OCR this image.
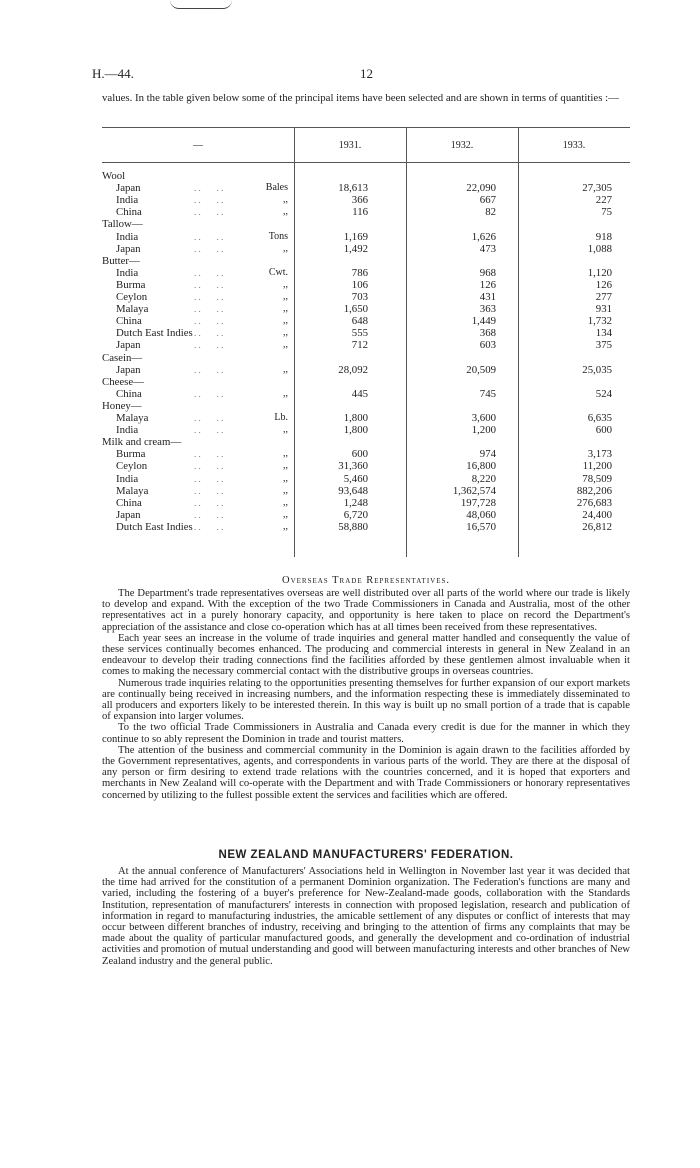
H.—44.	12
values. In the table given below some of the principal items have been selected and are shown in terms of quantities :—
—	1931.	1932.	1933.
Wool
Japan	. .       . .	Bales	18,613	22,090	27,305
India	. .       . .	,,	366	667	227
China	. .       . .	,,	116	82	75
Tallow—
India	. .       . .	Tons	1,169	1,626	918
Japan	. .       . .	,,	1,492	473	1,088
Butter—
India	. .       . .	Cwt.	786	968	1,120
Burma	. .       . .	,,	106	126	126
Ceylon	. .       . .	,,	703	431	277
Malaya	. .       . .	,,	1,650	363	931
China	. .       . .	,,	648	1,449	1,732
Dutch East Indies . .       . .	,,	555	368	134
Japan	. .       . .	,,	712	603	375
Casein—
Japan	. .       . .	,,	28,092	20,509	25,035
Cheese—
China	. .       . .	,,	445	745	524
Honey—
Malaya	. .       . .	Lb.	1,800	3,600	6,635
India	. .       . .	,,	1,800	1,200	600
Milk and cream—
Burma	. .       . .	,,	600	974	3,173
Ceylon	. .       . .	,,	31,360	16,800	11,200
India	. .       . .	,,	5,460	8,220	78,509
Malaya	. .       . .	,,	93,648	1,362,574	882,206
China	. .       . .	,,	1,248	197,728	276,683
Japan	. .       . .	,,	6,720	48,060	24,400
Dutch East Indies . .       . .	,,	58,880	16,570	26,812
Overseas Trade Representatives.

The Department's trade representatives overseas are well distributed over all parts of the world where our trade is likely to develop and expand. With the exception of the two Trade Commissioners in Canada and Australia, most of the other representatives act in a purely honorary capacity, and opportunity is here taken to place on record the Department's appreciation of the assistance and close co-operation which has at all times been received from these representatives.

Each year sees an increase in the volume of trade inquiries and general matter handled and consequently the value of these services continually becomes enhanced. The producing and commercial interests in general in New Zealand in an endeavour to develop their trading connections find the facilities afforded by these gentlemen almost invaluable when it comes to making the necessary commercial contact with the distributive groups in overseas countries.

Numerous trade inquiries relating to the opportunities presenting themselves for further expansion of our export markets are continually being received in increasing numbers, and the information respecting these is immediately disseminated to all producers and exporters likely to be interested therein. In this way is built up no small portion of a trade that is capable of expansion into larger volumes.

To the two official Trade Commissioners in Australia and Canada every credit is due for the manner in which they continue to so ably represent the Dominion in trade and tourist matters.

The attention of the business and commercial community in the Dominion is again drawn to the facilities afforded by the Government representatives, agents, and correspondents in various parts of the world. They are there at the disposal of any person or firm desiring to extend trade relations with the countries concerned, and it is hoped that exporters and merchants in New Zealand will co-operate with the Department and with Trade Commissioners or honorary representatives concerned by utilizing to the fullest possible extent the services and facilities which are offered.

NEW ZEALAND MANUFACTURERS' FEDERATION.

At the annual conference of Manufacturers' Associations held in Wellington in November last year it was decided that the time had arrived for the constitution of a permanent Dominion organization. The Federation's functions are many and varied, including the fostering of a buyer's preference for New-Zealand-made goods, collaboration with the Standards Institution, representation of manufacturers' interests in connection with proposed legislation, research and publication of information in regard to manufacturing industries, the amicable settlement of any disputes or conflict of interests that may occur between different branches of industry, receiving and bringing to the attention of firms any complaints that may be made about the quality of particular manufactured goods, and generally the development and co-ordination of industrial activities and promotion of mutual understanding and good will between manufacturing interests and other branches of New Zealand industry and the general public.
